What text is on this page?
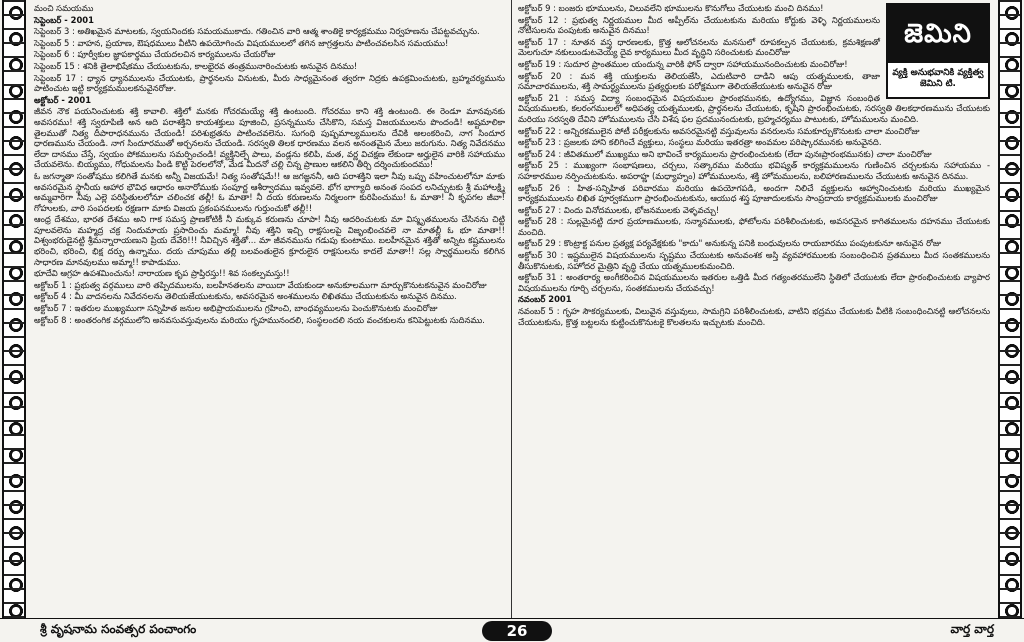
మంచి సమయము

సెప్టెంబర్ - 2001

సెప్టెంబర్ 3 : అతిఖమైన మాటలకు, స్వయనిందకు సమయముకాదు. గతించిన వారి ఆత్మ శాంతికై కార్యక్రమము నిర్వహణను చేపట్టవచ్చును.

సెప్టెంబర్ 5 : వాహన, ప్రయాణ, ఔషధములు వీటిని ఉపయోగించు విషయములలో తగిన జాగ్రత్తలను పాటించవలసిన సమయము!

సెప్టెంబర్ 6 : పూర్వీకుల జ్ఞాపకార్థము చేయదలచిన కార్యములను చేయరోజు

సెప్టెంబర్ 15 : శనికి తైలాభిషేకము చేయుటకును, కాలభైరవ తంత్రమునారించుటకు అనువైన దినము!

సెప్టెంబర్ 17 : ధ్యాన ధ్యానములను చేయుటకు, ప్రార్థనలను వినుటకు, మీరు సాధ్యమైనంత త్వరగా నిద్రకు ఉపక్రమించుటకు, బ్రహ్మచర్యమును పాటించుట ఇట్టి కార్యక్రమములకనువైనరోజు.

అక్టోబర్ - 2001

జీవన నౌక పయనించుటకు శక్తి కావాలి. శక్తిలో మనకు గోచరమయ్యే శక్తి ఉంటుంది. గోచరము కాని శక్తి ఉంటుంది. ఈ రెండూ మానవునకు అవసరము! శక్తి స్వరూపిణి అన ఆది పరాశక్తిని కాయశక్తులు పూజించి, ప్రసన్నమును చేసికొని, సమస్త విజయములను పొందండి! అష్టమాలికా తైలముతో నిత్య దీపారాధనమును చేయండి! పరిశుభ్రతను పాటించవలెను. సుగంధి పుష్పమాల్యములను దేవికి అలంకరించి, నాగ సిందూర ధారణమును చేయండి. నాగ సిందూరముతో అర్చనలను చేయండి. సరస్వతి తిలక ధారణము వలన అనంతమైన మేలు జరుగును. నిత్య నివేదనము లేదా దానము చేస్తే, స్వయం పోకములను సమర్పించండి! వ్యక్తినిల్పే పాలు, వండ్లను కలిపి, మత, వర్ణ విచక్షణ లేకుండా అర్హులైన వారికి సహాయము చేయవలెను. బియ్యము, గోధుమలను పిండి కొట్టి పెరలలోనో, మేడ మీదనో చల్లి చిన్న ప్రాణుల ఆకలిని తీర్చి దర్శించుకుందము!

ఓ జగన్మాతా సంతోషము కలిగితే మనకు అన్నీ విజయమే! నిత్య సంతోషమే!! ఆ జగజ్జననీ, ఆది పరాశక్తిని ఇలా నీవు ఒప్పు వహించుటలోనూ మాకు అవసరమైన స్థానీయ ఆహార భౌవిధ ఆధారం అనారోముకు సంపూర్ణ ఆశీర్వాదము ఇవ్వవలె. భోగ భాగ్యాది అనంత సంపద లనిచ్చుటకు శ్రీ మహాలక్ష్మి అమ్మవారిగా నీవు ఎల్లె పరిస్థితులలోనూ చలించక తల్లీ! ఓ మాతా! నీ దయ కరుణలను నిర్మలంగా కురిపించుము! ఓ మాతా! నీ కృపగల జీవా! గోహులకు, వారి సంపదలకు రక్షణగా మాకు విజయ ప్రకంపనములను గుర్తుంచుకో తల్లీ!!

ఆంధ్ర దేశము, భారత దేశము అని గాక సమస్త ప్రాణకోటికీ నీ మక్కువ కరుణను చూపా! నీవు ఆదరించుటకు మా విస్మృతములను చేసినను చిట్టి పూలవలెను మహ్మద్ర చక్ర నిందుమాయ ప్రసాదించు మమ్మా! నీవు శక్తిని ఇచ్చి రాక్షసులపై విజృంభించవలె నా మాతల్లీ ఓ భూ మాతా!! విశ్వంభరుడైనట్టి శ్రీమన్నారాయణుని ప్రియ దేవేరి!!! నీవిచ్చిన శక్తితో... మా జీవనమును గడుపు కుంటాము. బలహీనమైన శక్తితో అన్నిట కష్టములను భరించి, భరించి, భిక్ష దర్పు ఉన్నాము. దయ చూపుము తల్లి బలవంతులైన క్రూరులైన రాక్షసులను కాదలే మాతా!! సల్ల స్వార్థములను కలిగిన సాధారణ మానవులము అమ్మా!! కాపాడుము.

భూదేవి ఆగ్రహ ఉపశమించును! నారాయణ కృప ప్రాప్తిరస్తు!! శివ సంకల్పమస్తు!!

అక్టోబర్ 1 : ప్రభుత్వ వర్గములు వారి తప్పిదములను, బలహీనతలను వాయిదా వేయకుండా అనుకూలముగా మార్చుకొనుటకనువైన మంచిరోజు

అక్టోబర్ 4 : మీ వాదనలను నివేదనలను తెలియజేయుటకును, అవసరమైన అంశములను లిఖితము చేయుటకును అనువైన దినము.

అక్టోబర్ 7 : ఇతరుల ముఖ్యముగా సన్నిహిత జనుల అభిప్రాయములను గ్రహించి, బాంధవ్యములను పెంచుకొనుటకు మంచిరోజు

అక్టోబర్ 8 : అంతరంగిక వర్గములోని అనవసువస్తువులను మరియు గృహమునందలి, సంస్థలందలి నయ వంచకులను కనిపెట్టుటకు సుదినము.

జెమిని
వ్యక్తి అనుభవానికి వ్యక్తిత్వ జెమిని టి.

అక్టోబర్ 9 : బంజరు భూములను, విలువలేని భూములను కొనుగోలు చేయుటకు మంచి దినము!

అక్టోబర్ 12 : ప్రభుత్వ నిర్ణయముల మీద అప్పీల్‌ను చేయుటకును మరియు కోర్టుకు వెళ్ళి నిర్ణయములను నోటీసులను పంపుటకు అనువైన దినము!

అక్టోబర్ 17 : నూతన వస్త్ర ధారణలకు, క్రొత్త ఆలోచనలను మనసులో రూపకల్పన చేయుటకు, క్రమశిక్షణతో మెలగుచూ నకులుండుటవెయ్య దైవ కార్యములు మీద వృద్ధిని సరించుటకు మంచిరోజు

అక్టోబర్ 19 : సుదూర ప్రాంతముల యందున్న వారికి ఫోన్ ద్వారా సహాయమునందించుటకు మంచిరోజు!

అక్టోబర్ 20 : మన శక్తి యుక్తులను తెలియజేసి, ఎదుటివారి దాడిని ఆపు యత్నములకు, తాజా సమాచారములను, శక్తి సామర్థ్యములను ప్రత్యర్థులకు పరోక్షముగా తెలియజేయుటకు అనువైన రోజు

అక్టోబర్ 21 : సమస్త విద్యా సంబంధమైన విషయముల ప్రారంభమునకు, ఉద్యోగము, విజ్ఞాన సంబంధిత విషయములకు, కలరంగములలో అధిపత్య యత్నములకు, ప్రార్థనలను చేయుటకు, కృషిని ప్రారంభించుటకు, సరస్వతి తిలకధారణమును చేయుటకు మరియు సరస్వతి దేవిని హోమములను చేసి విశేష ఫల ప్రదమునందుటకు, బ్రహ్మచర్యము పాటుటకు, హోమములను మంచిది.

అక్టోబర్ 22 : అన్నిరకములైన పోటీ పరీక్షలకును అవసరమైనట్టి వస్తువులను వనరులను సమకూర్చుకొనుటకు చాలా మంచిరోజు

అక్టోబర్ 23 : ప్రజలకు హాని కలిగించే వ్యక్తులు, సంస్థలు మరియు ఇతరత్రా అంవమల పరిష్కారమునకు అనువైనది.

అక్టోబర్ 24 : జీవితములో ముఖ్యము అని భావించే కార్యములను ప్రారంభించుటకు (లేదా పునఃప్రారంభమునకు) చాలా మంచిరోజు

అక్టోబర్ 25 : ముఖ్యంగా సంభాషణలు, చర్చలు, సత్కారము మరియు భవిష్యత్ కార్యక్రమములను గుణించిన చర్చలకును సహాయము - సహకారముల నర్పించుటకును. అపరాహ్ణ (మధ్యాహ్నం) హోమములను, శక్తి హోమములను, బలిహారణములను చేయుటకు అనువైన దినము.

అక్టోబర్ 26 : హిత-సన్నిహిత పరివారము మరియు ఉపయోగపడి, అందగా నిలిచే వ్యక్తులను ఆహ్వానించుటకు మరియు ముఖ్యమైన కార్యక్రమములను లిఖిత పూర్వకముగా ప్రారంభించుటకును, ఆయుధ శస్త్ర పూజాదులకును సాంప్రదాయ కార్యక్రమములకు మంచిరోజు

అక్టోబర్ 27 : విందు వినోదములకు, భోజనములకు వెళ్ళవచ్చు!

అక్టోబర్ 28 : సుల్లమైనట్టి దూర ప్రయాణములకు, సన్మానములకు, ఫోటోలను పరిశీలించుటకు, అవసరమైన కాగితములను దహనము చేయుటకు మంచిది.

అక్టోబర్ 29 : కొంట్రాక్ట పనుల ప్రత్యక్ష పర్యవేక్షకుకు "కాదు" అనుకున్న పనికి బంధువులను రాయబారము పంపుటకునూ అనువైన రోజు

అక్టోబర్ 30 : ఇష్టములైన విషయములను సృష్టము చేయుటకు అనువంశక అస్తి వ్యవహారములకు సంబంధించిన ప్రతములు మీద సంతకములను తీసుకొనుటకు, సహోదర మైత్రిని వృద్ధి చేయు యత్నములకుమంచిది.

అక్టోబర్ 31 : అంతరార్య అంగీకరించిన విషయములను ఇతరుల ఒత్తిడి మీద గత్యంతరములేని స్థితిలో చేయుటకు లేదా ప్రారంభించుటకు వ్యాపార విషయములను గూర్చి చర్చలను, సంతకములను చేయవచ్చు!

నవంబర్ 2001

నవంబర్ 5 : గృహ సౌకర్యములకు, విలువైన వస్తువులు, సామగ్రిని పరిశీలించుటకు, వాటిని భద్రము చేయుటకు వీటికి సంబంధించినట్టి ఆలోచనలను చేయుటకును, క్రొత్త బట్టలను కుట్టించుకొనుటకై కొలతలను ఇచ్చుటకు మంచిది.

శ్రీ వృషనామ సంవత్సర పంచాంగం	26	వార్త వార్త
